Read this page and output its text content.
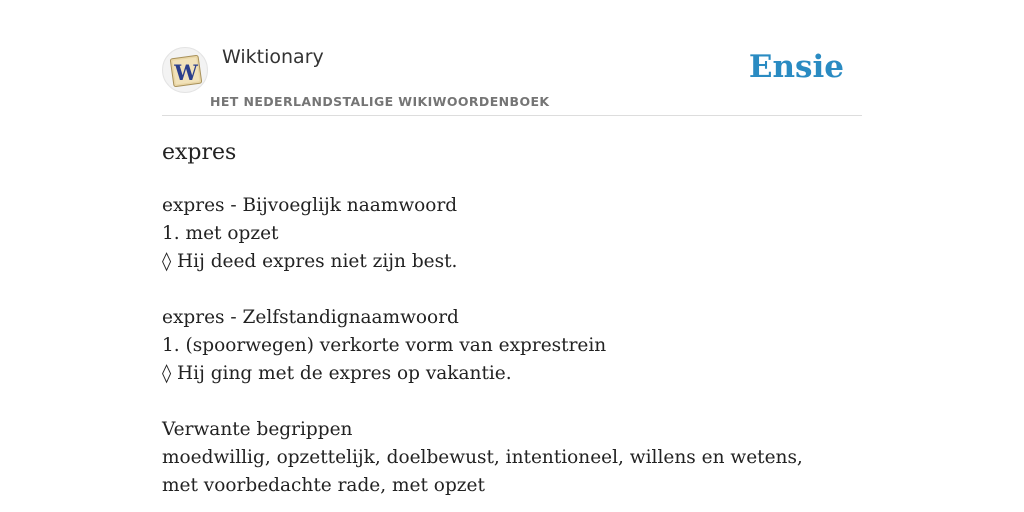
W
Wiktionary
HET NEDERLANDSTALIGE WIKIWOORDENBOEK
Ensie
expres
expres - Bijvoeglijk naamwoord
1. met opzet
◊ Hij deed expres niet zijn best.
expres - Zelfstandignaamwoord
1. (spoorwegen) verkorte vorm van exprestrein
◊ Hij ging met de expres op vakantie.
Verwante begrippen
moedwillig, opzettelijk, doelbewust, intentioneel, willens en wetens, met voorbedachte rade, met opzet
